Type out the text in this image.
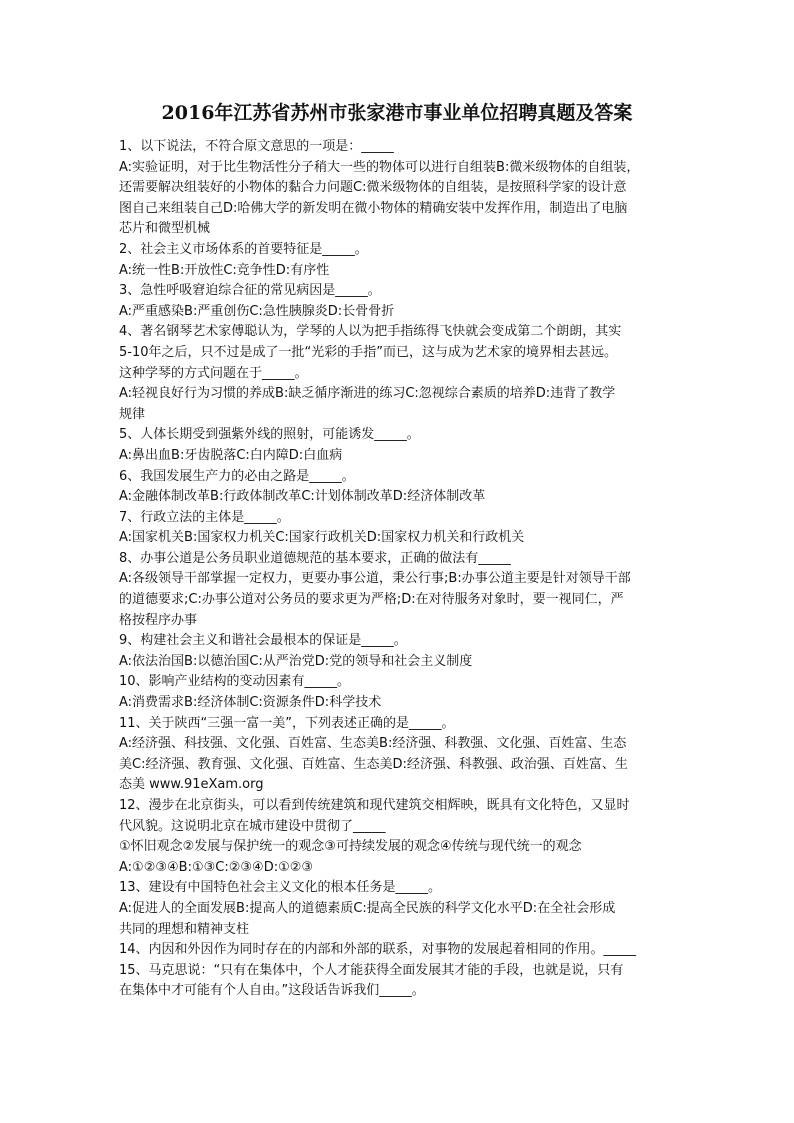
2016年江苏省苏州市张家港市事业单位招聘真题及答案
1、以下说法，不符合原文意思的一项是：_____
A:实验证明，对于比生物活性分子稍大一些的物体可以进行自组装B:微米级物体的自组装，
还需要解决组装好的小物体的黏合力问题C:微米级物体的自组装，是按照科学家的设计意
图自己来组装自己D:哈佛大学的新发明在微小物体的精确安装中发挥作用，制造出了电脑
芯片和微型机械
2、社会主义市场体系的首要特征是_____。
A:统一性B:开放性C:竞争性D:有序性
3、急性呼吸窘迫综合征的常见病因是_____。
A:严重感染B:严重创伤C:急性胰腺炎D:长骨骨折
4、著名钢琴艺术家傅聪认为，学琴的人以为把手指练得飞快就会变成第二个朗朗，其实
5-10年之后，只不过是成了一批“光彩的手指”而已，这与成为艺术家的境界相去甚远。
这种学琴的方式问题在于_____。
A:轻视良好行为习惯的养成B:缺乏循序渐进的练习C:忽视综合素质的培养D:违背了教学
规律
5、人体长期受到强紫外线的照射，可能诱发_____。
A:鼻出血B:牙齿脱落C:白内障D:白血病
6、我国发展生产力的必由之路是_____。
A:金融体制改革B:行政体制改革C:计划体制改革D:经济体制改革
7、行政立法的主体是_____。
A:国家机关B:国家权力机关C:国家行政机关D:国家权力机关和行政机关
8、办事公道是公务员职业道德规范的基本要求，正确的做法有_____
A:各级领导干部掌握一定权力，更要办事公道，秉公行事;B:办事公道主要是针对领导干部
的道德要求;C:办事公道对公务员的要求更为严格;D:在对待服务对象时，要一视同仁，严
格按程序办事
9、构建社会主义和谐社会最根本的保证是_____。
A:依法治国B:以德治国C:从严治党D:党的领导和社会主义制度
10、影响产业结构的变动因素有_____。
A:消费需求B:经济体制C:资源条件D:科学技术
11、关于陕西“三强一富一美”，下列表述正确的是_____。
A:经济强、科技强、文化强、百姓富、生态美B:经济强、科教强、文化强、百姓富、生态
美C:经济强、教育强、文化强、百姓富、生态美D:经济强、科教强、政治强、百姓富、生
态美 www.91eXam.org
12、漫步在北京街头，可以看到传统建筑和现代建筑交相辉映，既具有文化特色，又显时
代风貌。这说明北京在城市建设中贯彻了_____
①怀旧观念②发展与保护统一的观念③可持续发展的观念④传统与现代统一的观念
A:①②③④B:①③C:②③④D:①②③
13、建设有中国特色社会主义文化的根本任务是_____。
A:促进人的全面发展B:提高人的道德素质C:提高全民族的科学文化水平D:在全社会形成
共同的理想和精神支柱
14、内因和外因作为同时存在的内部和外部的联系，对事物的发展起着相同的作用。_____
15、马克思说：“只有在集体中，个人才能获得全面发展其才能的手段，也就是说，只有
在集体中才可能有个人自由。”这段话告诉我们_____。
